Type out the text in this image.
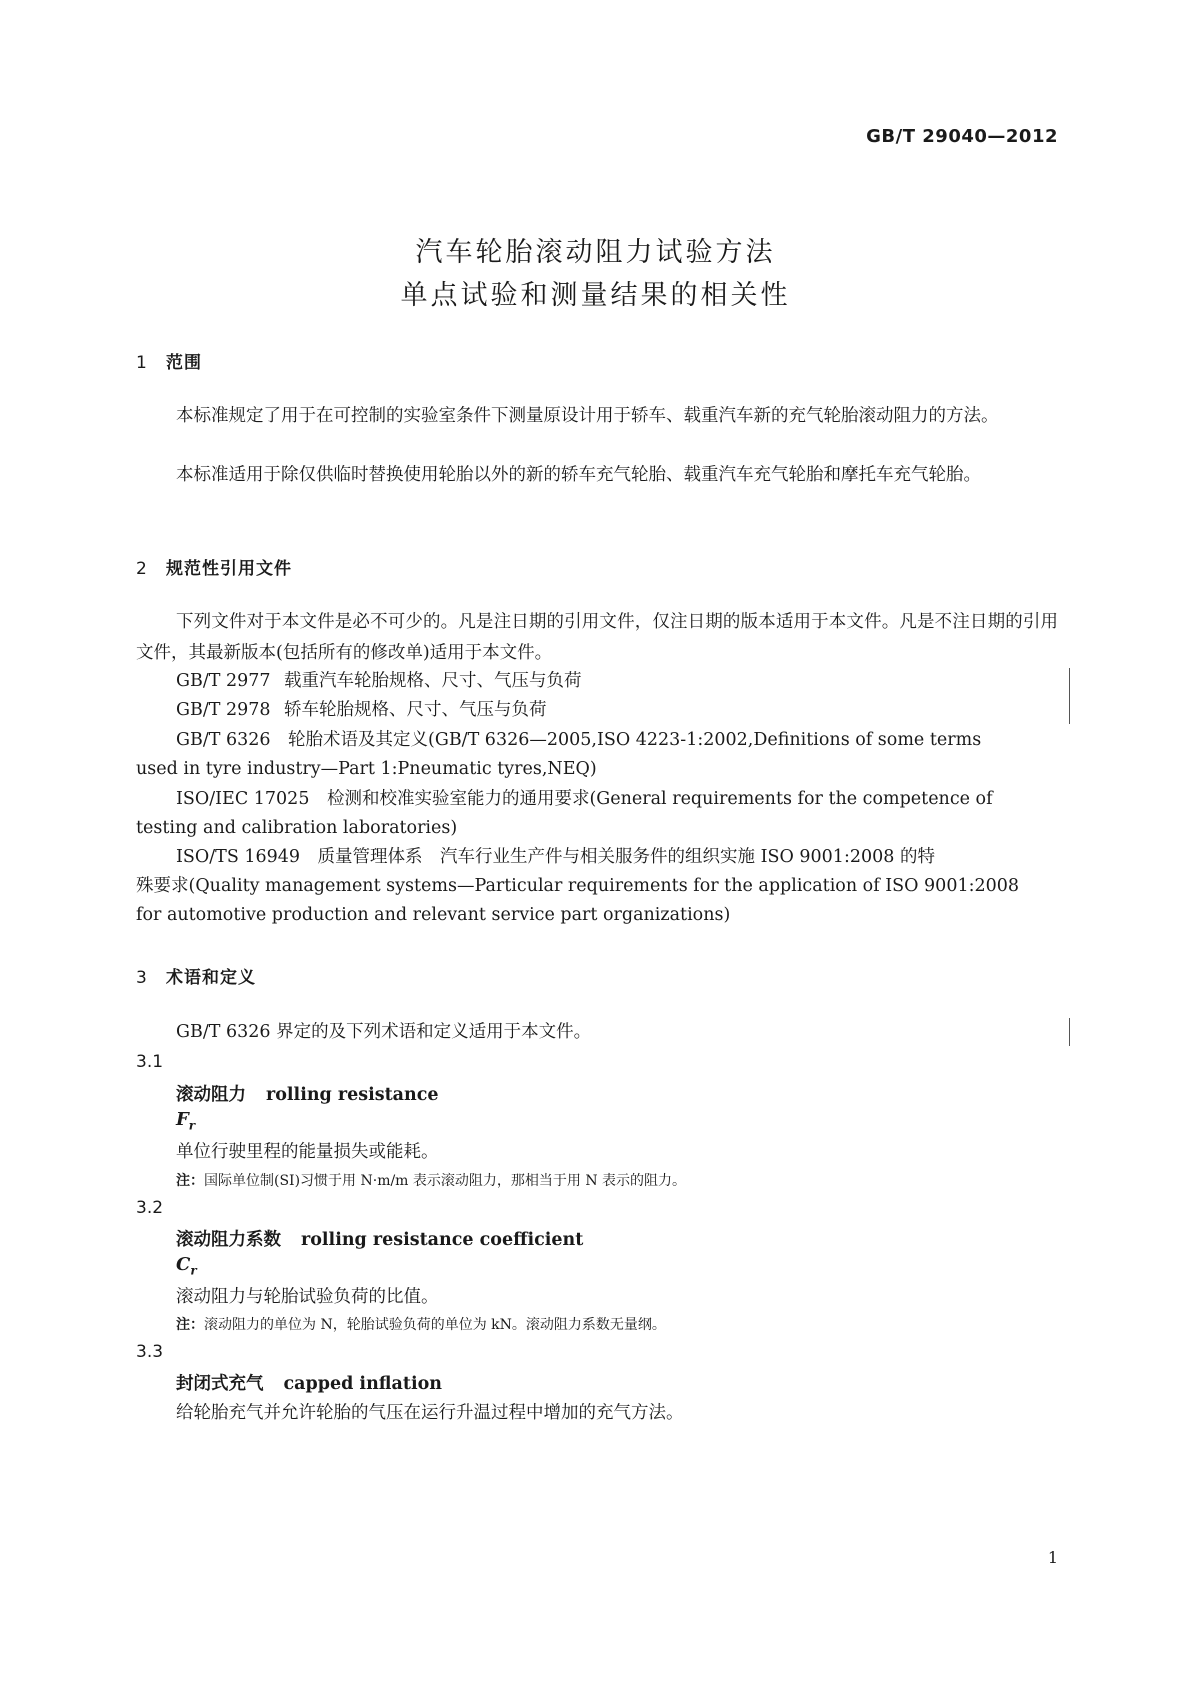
GB/T 29040—2012
汽车轮胎滚动阻力试验方法
单点试验和测量结果的相关性
1 范围
本标准规定了用于在可控制的实验室条件下测量原设计用于轿车、载重汽车新的充气轮胎滚动阻力的方法。
本标准适用于除仅供临时替换使用轮胎以外的新的轿车充气轮胎、载重汽车充气轮胎和摩托车充气轮胎。
2 规范性引用文件
下列文件对于本文件是必不可少的。凡是注日期的引用文件，仅注日期的版本适用于本文件。凡是不注日期的引用文件，其最新版本(包括所有的修改单)适用于本文件。
GB/T 2977 载重汽车轮胎规格、尺寸、气压与负荷
GB/T 2978 轿车轮胎规格、尺寸、气压与负荷
GB/T 6326　轮胎术语及其定义(GB/T 6326—2005,ISO 4223-1:2002,Definitions of some terms
used in tyre industry—Part 1:Pneumatic tyres,NEQ)
ISO/IEC 17025　检测和校准实验室能力的通用要求(General requirements for the competence of
testing and calibration laboratories)
ISO/TS 16949　质量管理体系　汽车行业生产件与相关服务件的组织实施 ISO 9001:2008 的特
殊要求(Quality management systems—Particular requirements for the application of ISO 9001:2008
for automotive production and relevant service part organizations)
3 术语和定义
GB/T 6326 界定的及下列术语和定义适用于本文件。
3.1
滚动阻力 rolling resistance
$F_r$
单位行驶里程的能量损失或能耗。
注：国际单位制(SI)习惯于用 N·m/m 表示滚动阻力，那相当于用 N 表示的阻力。
3.2
滚动阻力系数 rolling resistance coefficient
$C_r$
滚动阻力与轮胎试验负荷的比值。
注：滚动阻力的单位为 N，轮胎试验负荷的单位为 kN。滚动阻力系数无量纲。
3.3
封闭式充气 capped inflation
给轮胎充气并允许轮胎的气压在运行升温过程中增加的充气方法。
1
